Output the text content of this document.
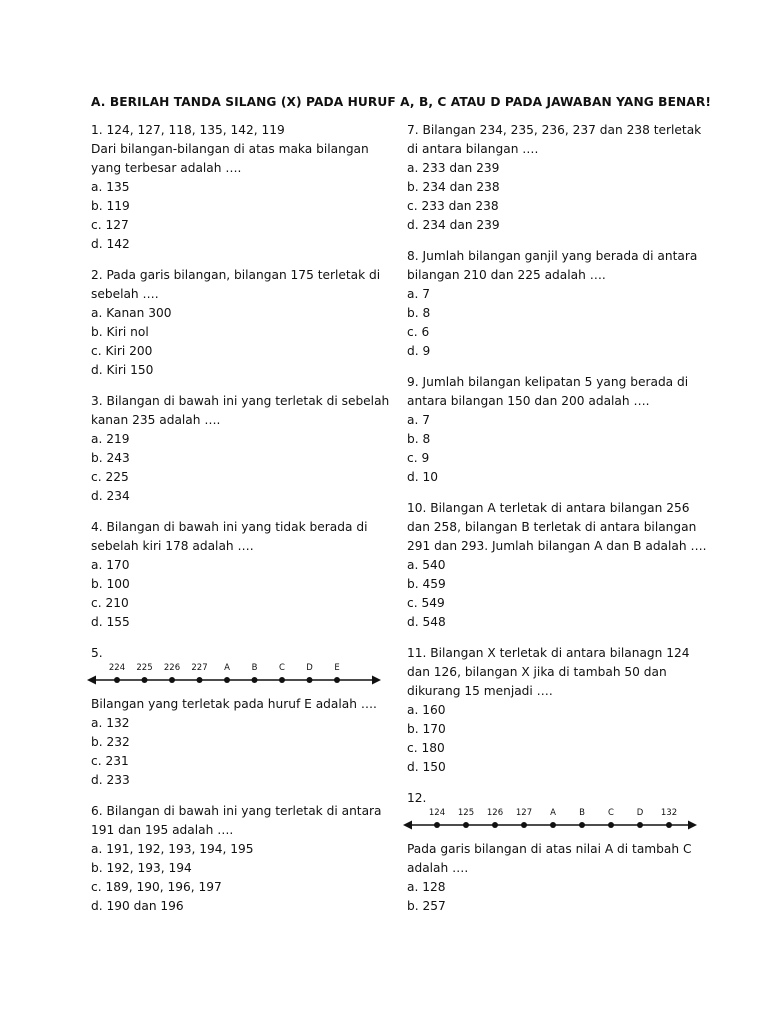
A. BERILAH TANDA SILANG (X) PADA HURUF A, B, C ATAU D PADA JAWABAN YANG BENAR!

1. 124, 127, 118, 135, 142, 119

Dari bilangan-bilangan di atas maka bilangan

yang terbesar adalah ….

a. 135
b. 119
c. 127
d. 142

2. Pada garis bilangan, bilangan 175 terletak di

sebelah ….

a. Kanan 300
b. Kiri nol
c. Kiri 200
d. Kiri 150

3. Bilangan di bawah ini yang terletak di sebelah

kanan 235 adalah ….

a. 219
b. 243
c. 225
d. 234

4. Bilangan di bawah ini yang tidak berada di

sebelah kiri 178 adalah ….

a. 170
b. 100
c. 210
d. 155

5.

224 225 226 227 A	B	C	D	E

Bilangan yang terletak pada huruf E adalah ….

a. 132
b. 232
c. 231
d. 233

6. Bilangan di bawah ini yang terletak di antara

191 dan 195 adalah ….

a. 191, 192, 193, 194, 195
b. 192, 193, 194
c. 189, 190, 196, 197
d. 190 dan 196

7. Bilangan 234, 235, 236, 237 dan 238 terletak

di antara bilangan ….

a. 233 dan 239
b. 234 dan 238
c. 233 dan 238
d. 234 dan 239

8. Jumlah bilangan ganjil yang berada di antara

bilangan 210 dan 225 adalah ….

a. 7
b. 8
c. 6
d. 9

9. Jumlah bilangan kelipatan 5 yang berada di

antara bilangan 150 dan 200 adalah ….

a. 7
b. 8
c. 9
d. 10

10. Bilangan A terletak di antara bilangan 256

dan 258, bilangan B terletak di antara bilangan

291 dan 293. Jumlah bilangan A dan B adalah ….

a. 540
b. 459
c. 549
d. 548

11. Bilangan X terletak di antara bilanagn 124

dan 126, bilangan X jika di tambah 50 dan

dikurang 15 menjadi ….

a. 160
b. 170
c. 180
d. 150

12.

124 125 126 127 A	B	C	D 132

Pada garis bilangan di atas nilai A di tambah C

adalah ….

a. 128
b. 257
